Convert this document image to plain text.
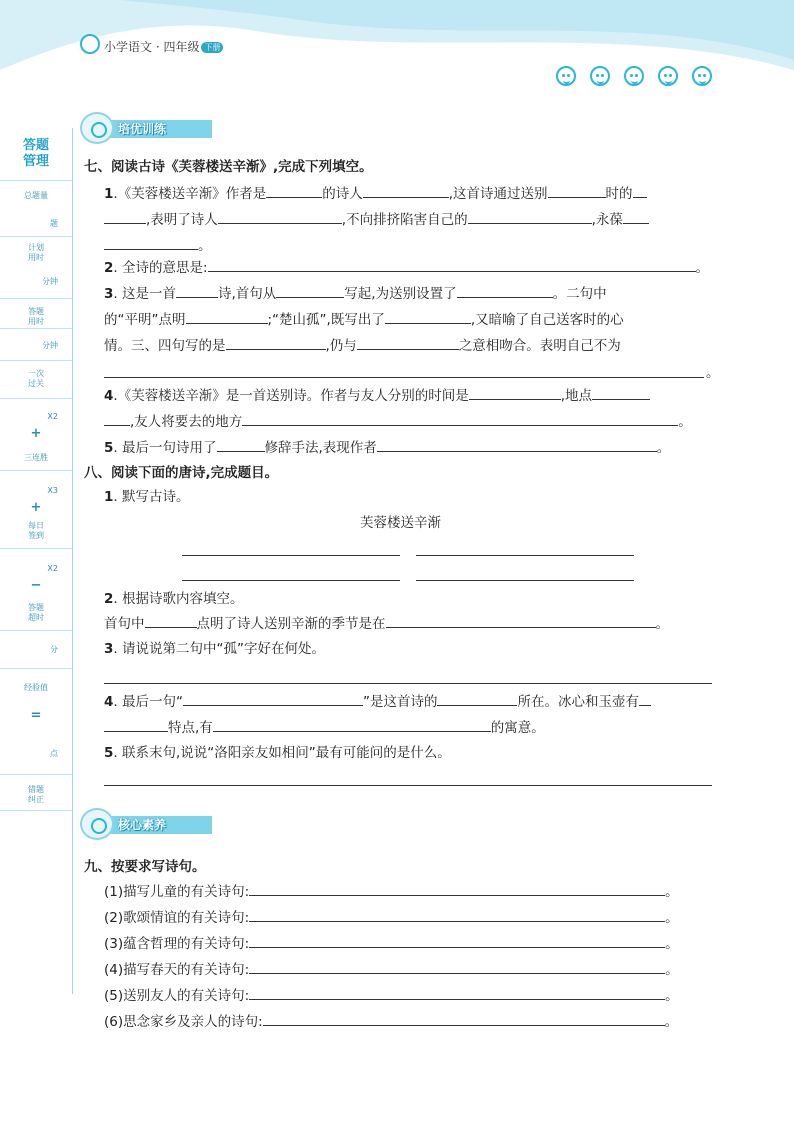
小学语文 · 四年级 下册
答题
管理
总题量
题
计划
用时
分钟
答题
用时
分钟
一次
过关
X2
+
三连胜
X3
+
每日
签到
X2
−
答题
超时
分
经验值
=
点
错题
纠正
培优训练
七、阅读古诗《芙蓉楼送辛渐》,完成下列填空。
1.《芙蓉楼送辛渐》作者是	的诗人	,这首诗通过送别	时的
,表明了诗人	,不向排挤陷害自己的	,永葆
。
2. 全诗的意思是:	。
3. 这是一首	诗,首句从	写起,为送别设置了	。二句中
的“平明”点明	;“楚山孤”,既写出了	,又暗喻了自己送客时的心
情。三、四句写的是	,仍与	之意相吻合。表明自己不为
。
4.《芙蓉楼送辛渐》是一首送别诗。作者与友人分别的时间是	,地点
,友人将要去的地方	。
5. 最后一句诗用了	修辞手法,表现作者	。
八、阅读下面的唐诗,完成题目。
1. 默写古诗。
芙蓉楼送辛渐
2. 根据诗歌内容填空。
首句中	点明了诗人送别辛渐的季节是在	。
3. 请说说第二句中“孤”字好在何处。
4. 最后一句“	”是这首诗的	所在。冰心和玉壶有
特点,有	的寓意。
5. 联系末句,说说“洛阳亲友如相问”最有可能问的是什么。
核心素养
九、按要求写诗句。
(1)描写儿童的有关诗句:	。
(2)歌颂情谊的有关诗句:	。
(3)蕴含哲理的有关诗句:	。
(4)描写春天的有关诗句:	。
(5)送别友人的有关诗句:	。
(6)思念家乡及亲人的诗句:	。
